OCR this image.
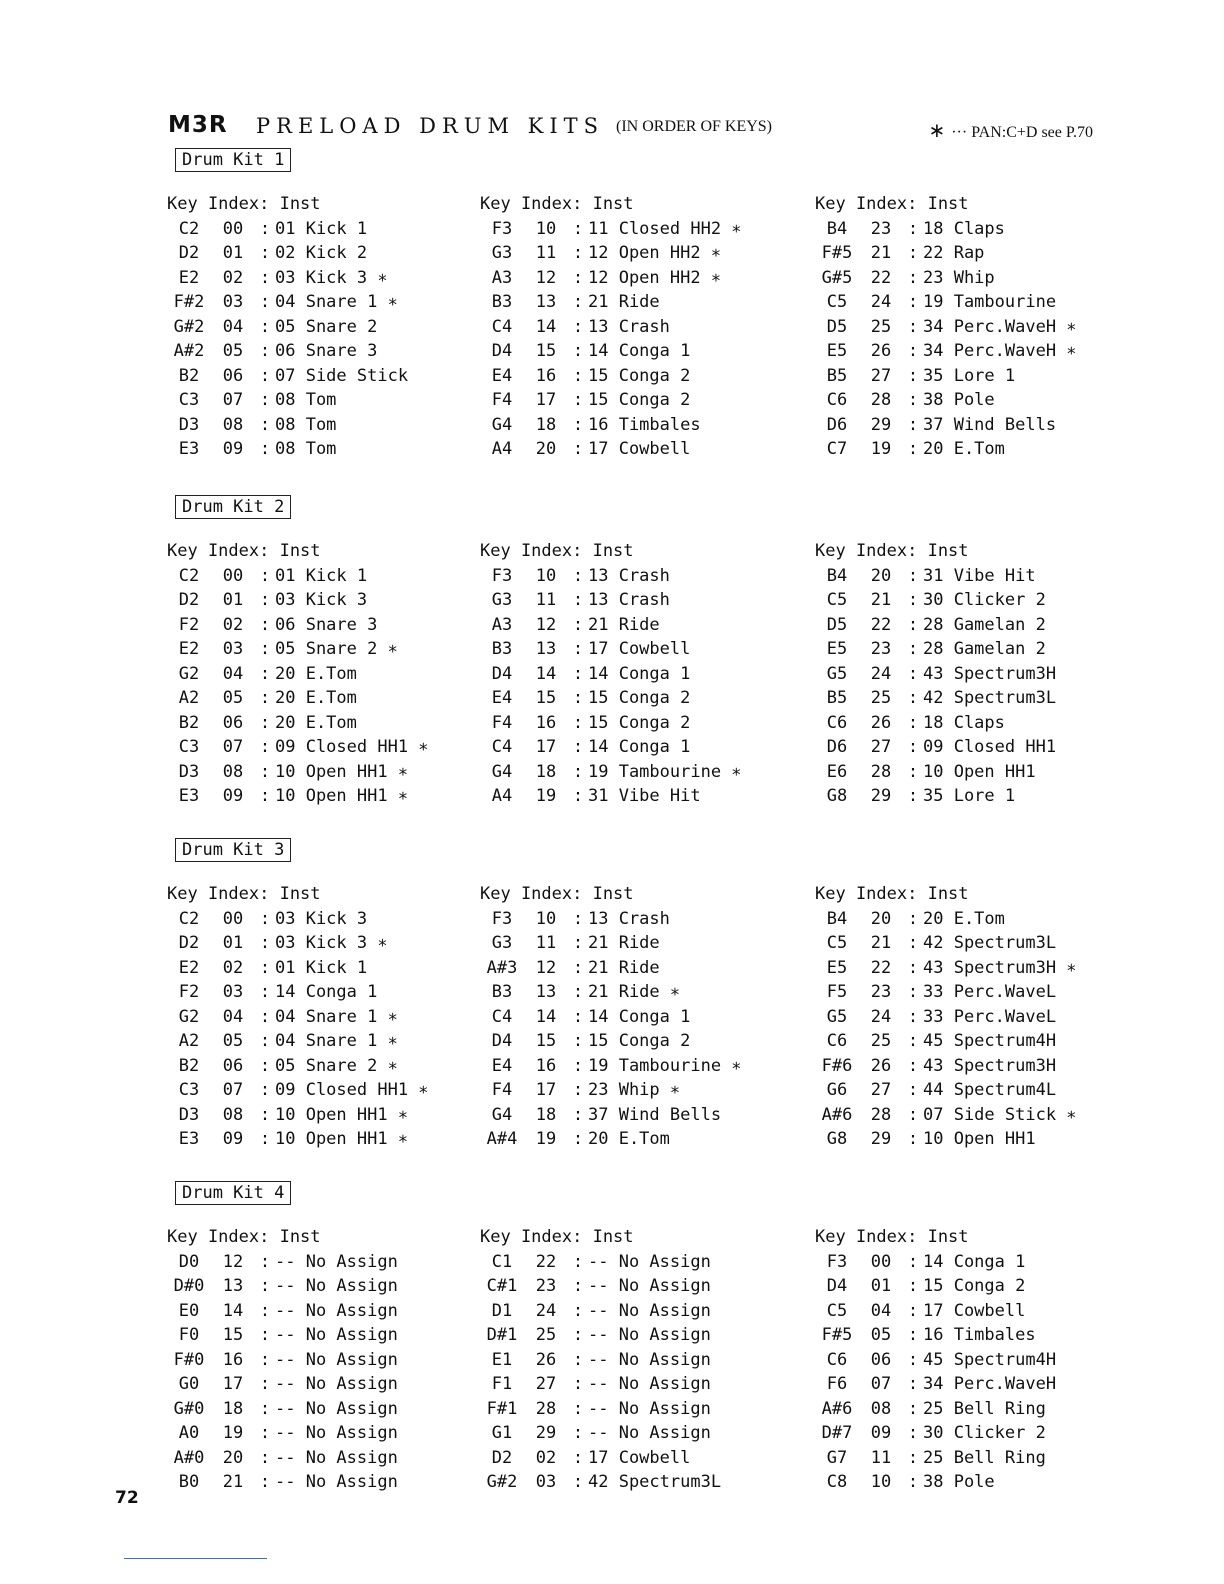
M3R PRELOAD DRUM KITS (IN ORDER OF KEYS)	∗ ··· PAN:C+D see P.70
Drum Kit 1
Key Index: Inst
C2 00 : 01 Kick 1
D2 01 : 02 Kick 2
E2 02 : 03 Kick 3 ∗
F#2 03 : 04 Snare 1 ∗
G#2 04 : 05 Snare 2
A#2 05 : 06 Snare 3
B2 06 : 07 Side Stick
C3 07 : 08 Tom
D3 08 : 08 Tom
E3 09 : 08 Tom
Key Index: Inst
F3 10 : 11 Closed HH2 ∗
G3 11 : 12 Open HH2 ∗
A3 12 : 12 Open HH2 ∗
B3 13 : 21 Ride
C4 14 : 13 Crash
D4 15 : 14 Conga 1
E4 16 : 15 Conga 2
F4 17 : 15 Conga 2
G4 18 : 16 Timbales
A4 20 : 17 Cowbell
Key Index: Inst
B4 23 : 18 Claps
F#5 21 : 22 Rap
G#5 22 : 23 Whip
C5 24 : 19 Tambourine
D5 25 : 34 Perc.WaveH ∗
E5 26 : 34 Perc.WaveH ∗
B5 27 : 35 Lore 1
C6 28 : 38 Pole
D6 29 : 37 Wind Bells
C7 19 : 20 E.Tom
Drum Kit 2
Key Index: Inst
C2 00 : 01 Kick 1
D2 01 : 03 Kick 3
F2 02 : 06 Snare 3
E2 03 : 05 Snare 2 ∗
G2 04 : 20 E.Tom
A2 05 : 20 E.Tom
B2 06 : 20 E.Tom
C3 07 : 09 Closed HH1 ∗
D3 08 : 10 Open HH1 ∗
E3 09 : 10 Open HH1 ∗
Key Index: Inst
F3 10 : 13 Crash
G3 11 : 13 Crash
A3 12 : 21 Ride
B3 13 : 17 Cowbell
D4 14 : 14 Conga 1
E4 15 : 15 Conga 2
F4 16 : 15 Conga 2
C4 17 : 14 Conga 1
G4 18 : 19 Tambourine ∗
A4 19 : 31 Vibe Hit
Key Index: Inst
B4 20 : 31 Vibe Hit
C5 21 : 30 Clicker 2
D5 22 : 28 Gamelan 2
E5 23 : 28 Gamelan 2
G5 24 : 43 Spectrum3H
B5 25 : 42 Spectrum3L
C6 26 : 18 Claps
D6 27 : 09 Closed HH1
E6 28 : 10 Open HH1
G8 29 : 35 Lore 1
Drum Kit 3
Key Index: Inst
C2 00 : 03 Kick 3
D2 01 : 03 Kick 3 ∗
E2 02 : 01 Kick 1
F2 03 : 14 Conga 1
G2 04 : 04 Snare 1 ∗
A2 05 : 04 Snare 1 ∗
B2 06 : 05 Snare 2 ∗
C3 07 : 09 Closed HH1 ∗
D3 08 : 10 Open HH1 ∗
E3 09 : 10 Open HH1 ∗
Key Index: Inst
F3 10 : 13 Crash
G3 11 : 21 Ride
A#3 12 : 21 Ride
B3 13 : 21 Ride ∗
C4 14 : 14 Conga 1
D4 15 : 15 Conga 2
E4 16 : 19 Tambourine ∗
F4 17 : 23 Whip ∗
G4 18 : 37 Wind Bells
A#4 19 : 20 E.Tom
Key Index: Inst
B4 20 : 20 E.Tom
C5 21 : 42 Spectrum3L
E5 22 : 43 Spectrum3H ∗
F5 23 : 33 Perc.WaveL
G5 24 : 33 Perc.WaveL
C6 25 : 45 Spectrum4H
F#6 26 : 43 Spectrum3H
G6 27 : 44 Spectrum4L
A#6 28 : 07 Side Stick ∗
G8 29 : 10 Open HH1
Drum Kit 4
Key Index: Inst
D0 12 : -- No Assign
D#0 13 : -- No Assign
E0 14 : -- No Assign
F0 15 : -- No Assign
F#0 16 : -- No Assign
G0 17 : -- No Assign
G#0 18 : -- No Assign
A0 19 : -- No Assign
A#0 20 : -- No Assign
B0 21 : -- No Assign
Key Index: Inst
C1 22 : -- No Assign
C#1 23 : -- No Assign
D1 24 : -- No Assign
D#1 25 : -- No Assign
E1 26 : -- No Assign
F1 27 : -- No Assign
F#1 28 : -- No Assign
G1 29 : -- No Assign
D2 02 : 17 Cowbell
G#2 03 : 42 Spectrum3L
Key Index: Inst
F3 00 : 14 Conga 1
D4 01 : 15 Conga 2
C5 04 : 17 Cowbell
F#5 05 : 16 Timbales
C6 06 : 45 Spectrum4H
F6 07 : 34 Perc.WaveH
A#6 08 : 25 Bell Ring
D#7 09 : 30 Clicker 2
G7 11 : 25 Bell Ring
C8 10 : 38 Pole
72
